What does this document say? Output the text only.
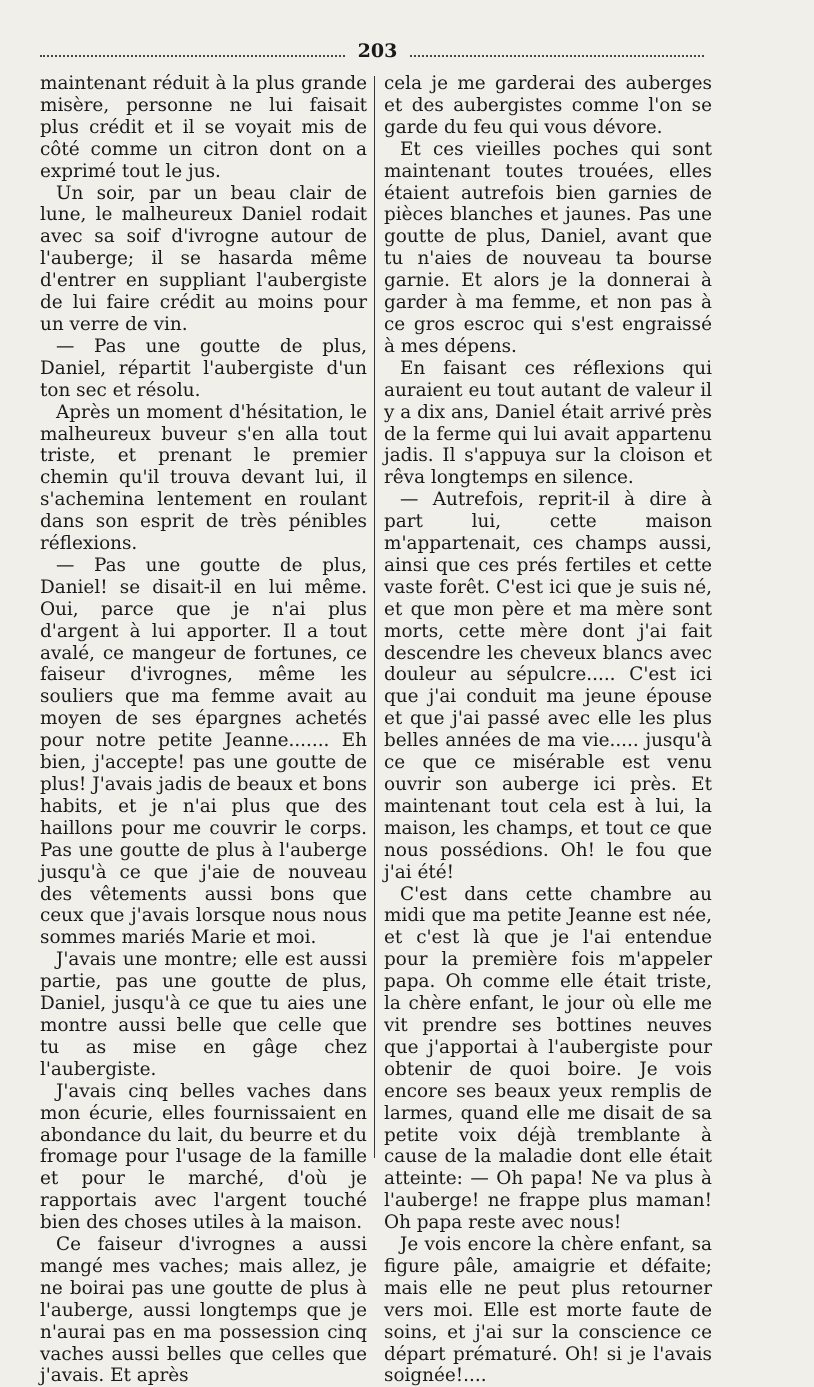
203

maintenant réduit à la plus grande misère, personne ne lui faisait plus crédit et il se voyait mis de côté comme un citron dont on a exprimé tout le jus.

Un soir, par un beau clair de lune, le malheureux Daniel rodait avec sa soif d'ivrogne autour de l'auberge; il se hasarda même d'entrer en suppliant l'aubergiste de lui faire crédit au moins pour un verre de vin.

— Pas une goutte de plus, Daniel, répartit l'aubergiste d'un ton sec et résolu.

Après un moment d'hésitation, le malheureux buveur s'en alla tout triste, et prenant le premier chemin qu'il trouva devant lui, il s'achemina lentement en roulant dans son esprit de très pénibles réflexions.

— Pas une goutte de plus, Daniel! se disait-il en lui même. Oui, parce que je n'ai plus d'argent à lui apporter. Il a tout avalé, ce mangeur de fortunes, ce faiseur d'ivrognes, même les souliers que ma femme avait au moyen de ses épargnes achetés pour notre petite Jeanne....... Eh bien, j'accepte! pas une goutte de plus! J'avais jadis de beaux et bons habits, et je n'ai plus que des haillons pour me couvrir le corps. Pas une goutte de plus à l'auberge jusqu'à ce que j'aie de nouveau des vêtements aussi bons que ceux que j'avais lorsque nous nous sommes mariés Marie et moi.

J'avais une montre; elle est aussi partie, pas une goutte de plus, Daniel, jusqu'à ce que tu aies une montre aussi belle que celle que tu as mise en gâge chez l'aubergiste.

J'avais cinq belles vaches dans mon écurie, elles fournissaient en abondance du lait, du beurre et du fromage pour l'usage de la famille et pour le marché, d'où je rapportais avec l'argent touché bien des choses utiles à la maison.

Ce faiseur d'ivrognes a aussi mangé mes vaches; mais allez, je ne boirai pas une goutte de plus à l'auberge, aussi longtemps que je n'aurai pas en ma possession cinq vaches aussi belles que celles que j'avais. Et après

cela je me garderai des auberges et des aubergistes comme l'on se garde du feu qui vous dévore.

Et ces vieilles poches qui sont maintenant toutes trouées, elles étaient autrefois bien garnies de pièces blanches et jaunes. Pas une goutte de plus, Daniel, avant que tu n'aies de nouveau ta bourse garnie. Et alors je la donnerai à garder à ma femme, et non pas à ce gros escroc qui s'est engraissé à mes dépens.

En faisant ces réflexions qui auraient eu tout autant de valeur il y a dix ans, Daniel était arrivé près de la ferme qui lui avait appartenu jadis. Il s'appuya sur la cloison et rêva longtemps en silence.

— Autrefois, reprit-il à dire à part lui, cette maison m'appartenait, ces champs aussi, ainsi que ces prés fertiles et cette vaste forêt. C'est ici que je suis né, et que mon père et ma mère sont morts, cette mère dont j'ai fait descendre les cheveux blancs avec douleur au sépulcre..... C'est ici que j'ai conduit ma jeune épouse et que j'ai passé avec elle les plus belles années de ma vie..... jusqu'à ce que ce misérable est venu ouvrir son auberge ici près. Et maintenant tout cela est à lui, la maison, les champs, et tout ce que nous possédions. Oh! le fou que j'ai été!

C'est dans cette chambre au midi que ma petite Jeanne est née, et c'est là que je l'ai entendue pour la première fois m'appeler papa. Oh comme elle était triste, la chère enfant, le jour où elle me vit prendre ses bottines neuves que j'apportai à l'aubergiste pour obtenir de quoi boire. Je vois encore ses beaux yeux remplis de larmes, quand elle me disait de sa petite voix déjà tremblante à cause de la maladie dont elle était atteinte: — Oh papa! Ne va plus à l'auberge! ne frappe plus maman! Oh papa reste avec nous!

Je vois encore la chère enfant, sa figure pâle, amaigrie et défaite; mais elle ne peut plus retourner vers moi. Elle est morte faute de soins, et j'ai sur la conscience ce départ prématuré. Oh! si je l'avais soignée!....
